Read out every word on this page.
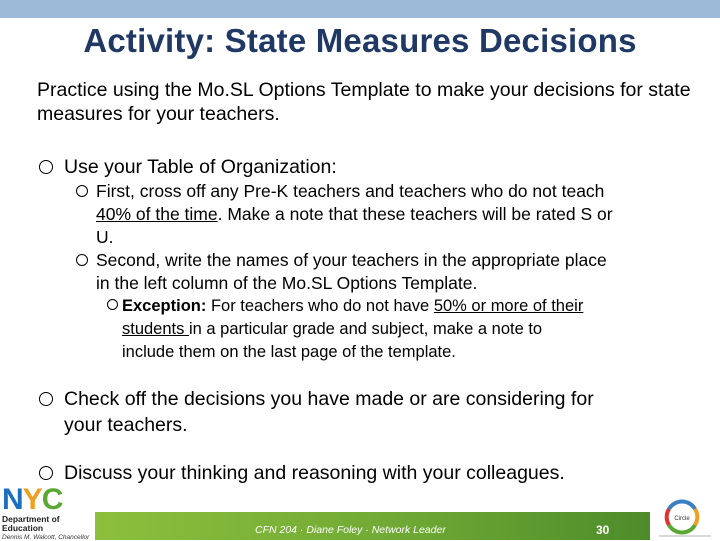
Activity: State Measures Decisions
Practice using the Mo.SL Options Template to make your decisions for state measures for your teachers.
Use your Table of Organization:
First, cross off any Pre-K teachers and teachers who do not teach
40% of the time. Make a note that these teachers will be rated S or
U.
Second, write the names of your teachers in the appropriate place
in the left column of the Mo.SL Options Template.
Exception: For teachers who do not have 50% or more of their
students in a particular grade and subject, make a note to
include them on the last page of the template.
Check off the decisions you have made or are considering for
your teachers.
Discuss your thinking and reasoning with your colleagues.
CFN 204 · Diane Foley · Network Leader	30
NYC
Department of Education
Dennis M. Walcott, Chancellor
Circle
